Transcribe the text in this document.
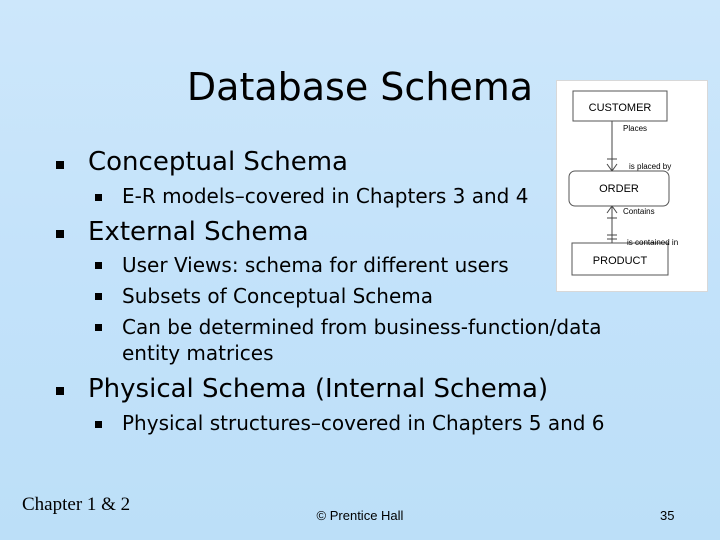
Database Schema
Conceptual Schema
E-R models–covered in Chapters 3 and 4
External Schema
User Views: schema for different users
Subsets of Conceptual Schema
Can be determined from business-function/data entity matrices
Physical Schema (Internal Schema)
Physical structures–covered in Chapters 5 and 6
CUSTOMER
ORDER
PRODUCT
Places
is placed by
Contains
is contained in
Chapter 1 & 2
© Prentice Hall	35
